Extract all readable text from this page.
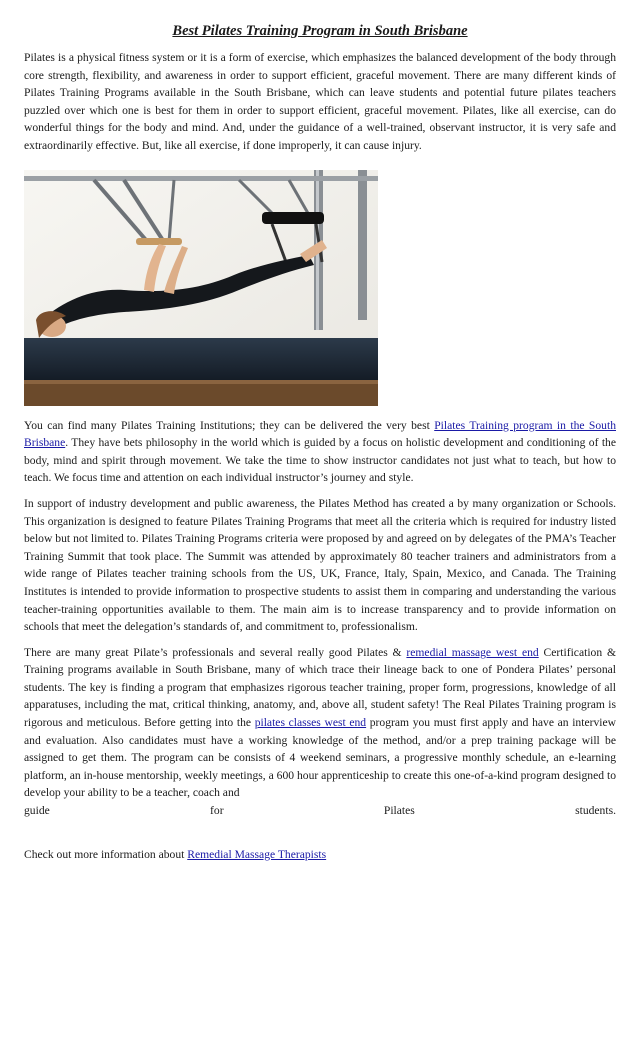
Best Pilates Training Program in South Brisbane

Pilates is a physical fitness system or it is a form of exercise, which emphasizes the balanced development of the body through core strength, flexibility, and awareness in order to support efficient, graceful movement. There are many different kinds of Pilates Training Programs available in the South Brisbane, which can leave students and potential future pilates teachers puzzled over which one is best for them in order to support efficient, graceful movement. Pilates, like all exercise, can do wonderful things for the body and mind. And, under the guidance of a well-trained, observant instructor, it is very safe and extraordinarily effective. But, like all exercise, if done improperly, it can cause injury.

You can find many Pilates Training Institutions; they can be delivered the very best Pilates Training program in the South Brisbane. They have bets philosophy in the world which is guided by a focus on holistic development and conditioning of the body, mind and spirit through movement. We take the time to show instructor candidates not just what to teach, but how to teach. We focus time and attention on each individual instructor’s journey and style.

In support of industry development and public awareness, the Pilates Method has created a by many organization or Schools. This organization is designed to feature Pilates Training Programs that meet all the criteria which is required for industry listed below but not limited to. Pilates Training Programs criteria were proposed by and agreed on by delegates of the PMA’s Teacher Training Summit that took place. The Summit was attended by approximately 80 teacher trainers and administrators from a wide range of Pilates teacher training schools from the US, UK, France, Italy, Spain, Mexico, and Canada. The Training Institutes is intended to provide information to prospective students to assist them in comparing and understanding the various teacher-training opportunities available to them. The main aim is to increase transparency and to provide information on schools that meet the delegation’s standards of, and commitment to, professionalism.

There are many great Pilate’s professionals and several really good Pilates & remedial massage west end Certification & Training programs available in South Brisbane, many of which trace their lineage back to one of Pondera Pilates’ personal students. The key is finding a program that emphasizes rigorous teacher training, proper form, progressions, knowledge of all apparatuses, including the mat, critical thinking, anatomy, and, above all, student safety! The Real Pilates Training program is rigorous and meticulous. Before getting into the pilates classes west end program you must first apply and have an interview and evaluation. Also candidates must have a working knowledge of the method, and/or a prep training package will be assigned to get them. The program can be consists of 4 weekend seminars, a progressive monthly schedule, an e-learning platform, an in-house mentorship, weekly meetings, a 600 hour apprenticeship to create this one-of-a-kind program designed to develop your ability to be a teacher, coach and

guide for Pilates students.

Check out more information about Remedial Massage Therapists
